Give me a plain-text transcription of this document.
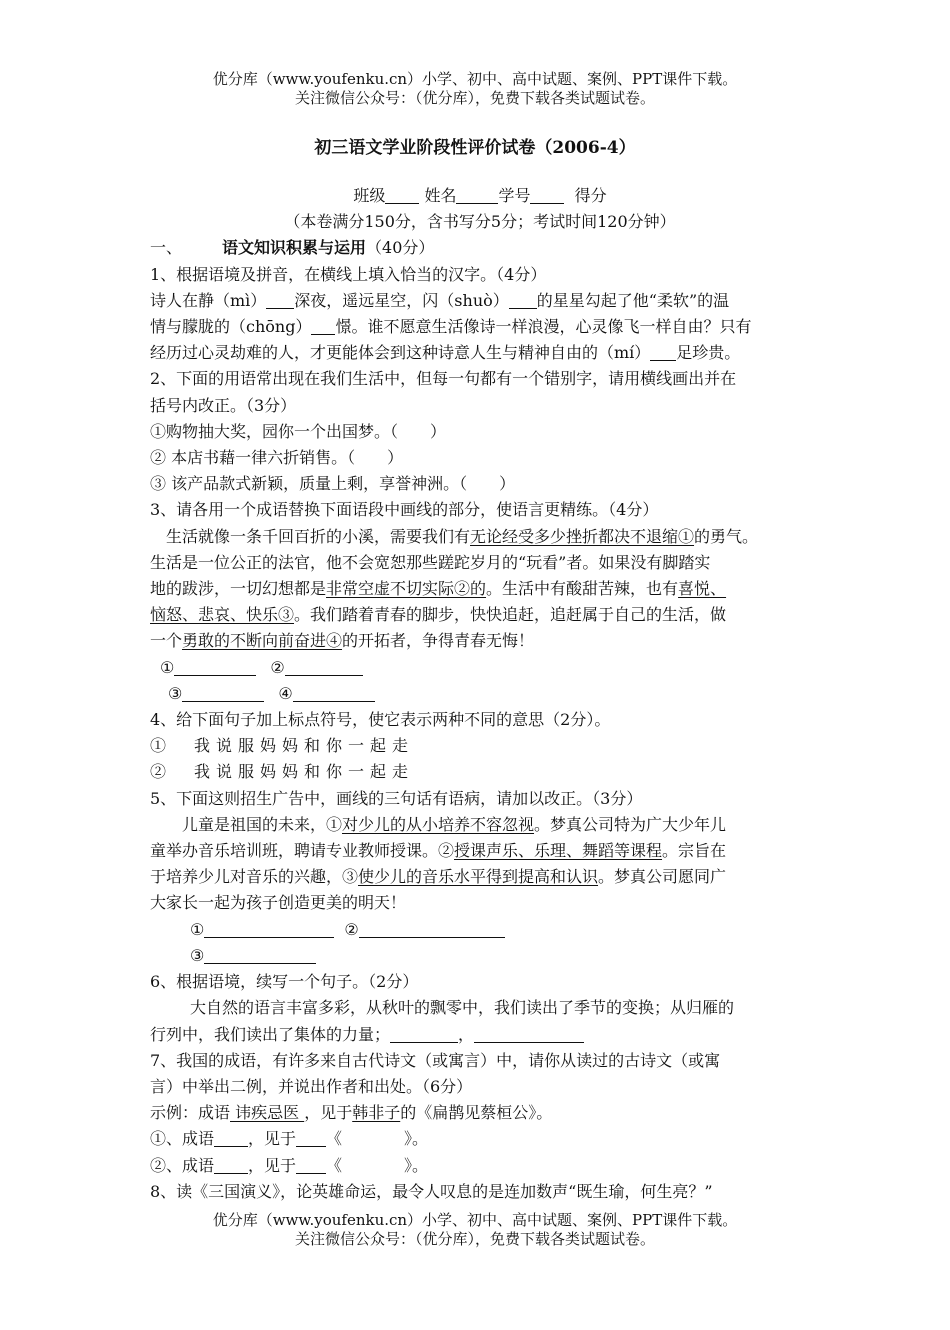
优分库（www.youfenku.cn）小学、初中、高中试题、案例、PPT课件下载。
关注微信公众号：（优分库），免费下载各类试题试卷。
初三语文学业阶段性评价试卷（2006-4）

班级 姓名	学号	得分

（本卷满分150分，含书写分5分；考试时间120分钟）

一、	语文知识积累与运用（40分）

1、根据语境及拼音，在横线上填入恰当的汉字。（4分）

诗人在静（mì） 深夜，遥远星空，闪（shuò） 的星星勾起了他“柔软”的温

情与朦胧的（chōng） 憬。谁不愿意生活像诗一样浪漫，心灵像飞一样自由？只有

经历过心灵劫难的人，才更能体会到这种诗意人生与精神自由的（mí） 足珍贵。

2、下面的用语常出现在我们生活中，但每一句都有一个错别字，请用横线画出并在

括号内改正。（3分）

①购物抽大奖，园你一个出国梦。（　　）

② 本店书藉一律六折销售。（　　）

③ 该产品款式新颖，质量上剩，享誉神洲。（　　）

3、请各用一个成语替换下面语段中画线的部分，使语言更精练。（4分）

生活就像一条千回百折的小溪，需要我们有无论经受多少挫折都决不退缩①的勇气。

生活是一位公正的法官，他不会宽恕那些蹉跎岁月的“玩看”者。如果没有脚踏实

地的跋涉，一切幻想都是非常空虚不切实际②的。生活中有酸甜苦辣，也有喜悦、

恼怒、悲哀、快乐③。我们踏着青春的脚步，快快追赶，追赶属于自己的生活，做

一个勇敢的不断向前奋进④的开拓者，争得青春无悔！

①	②

③	④

4、给下面句子加上标点符号，使它表示两种不同的意思（2分）。

①　我说服妈妈和你一起走

②　我说服妈妈和你一起走

5、下面这则招生广告中，画线的三句话有语病，请加以改正。（3分）

儿童是祖国的未来，①对少儿的从小培养不容忽视。梦真公司特为广大少年儿

童举办音乐培训班，聘请专业教师授课。②授课声乐、乐理、舞蹈等课程。宗旨在

于培养少儿对音乐的兴趣，③使少儿的音乐水平得到提高和认识。梦真公司愿同广

大家长一起为孩子创造更美的明天！

①	②

③

6、根据语境，续写一个句子。（2分）

大自然的语言丰富多彩，从秋叶的飘零中，我们读出了季节的变换；从归雁的

行列中，我们读出了集体的力量；	，

7、我国的成语，有许多来自古代诗文（或寓言）中，请你从读过的古诗文（或寓

言）中举出二例，并说出作者和出处。（6分）

示例：成语 讳疾忌医 ，见于韩非子的《扁鹊见蔡桓公》。

①、成语 ，见于 《	》。

②、成语 ，见于 《	》。

8、读《三国演义》，论英雄命运，最令人叹息的是连加数声“既生瑜，何生亮？”

优分库（www.youfenku.cn）小学、初中、高中试题、案例、PPT课件下载。
关注微信公众号：（优分库），免费下载各类试题试卷。
